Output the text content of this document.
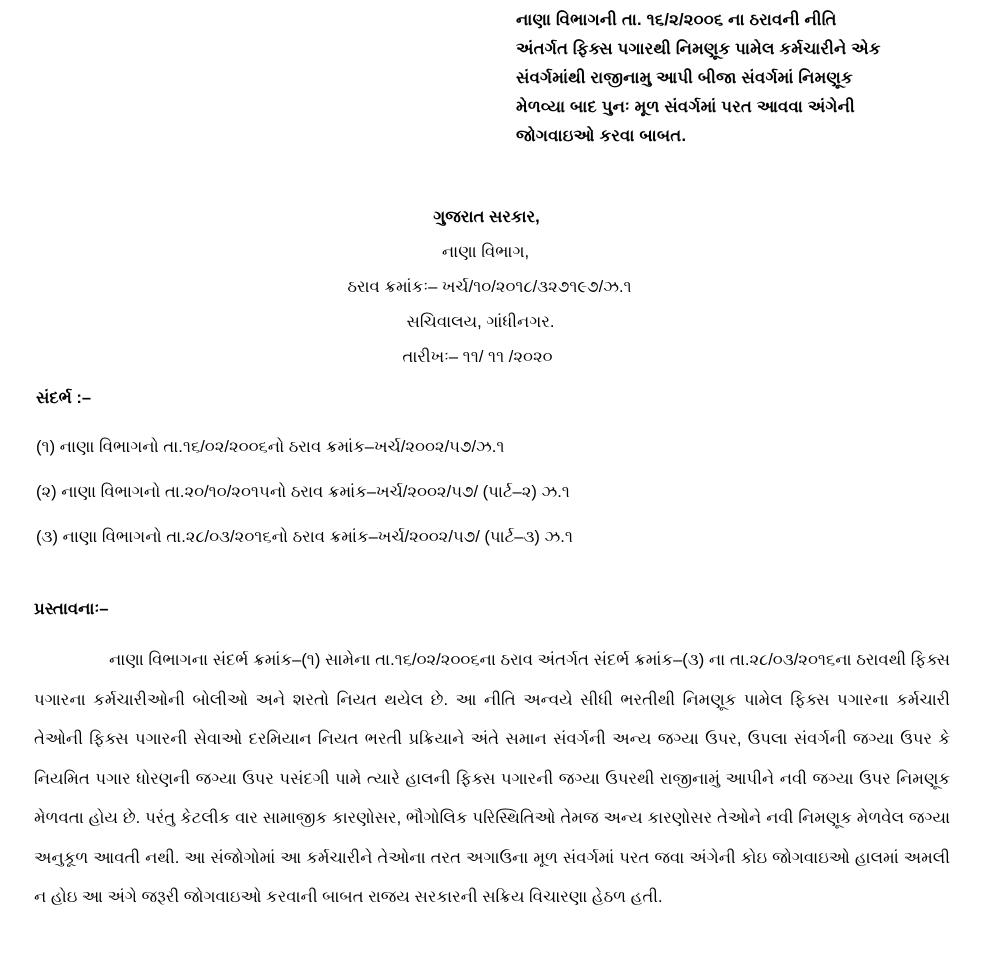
નાણા વિભાગની તા. ૧૬/૨/૨૦૦૬ ના ઠરાવની નીતિ
અંતર્ગત ફિક્સ પગારથી નિમણૂક પામેલ કર્મચારીને એક
સંવર્ગમાંથી રાજીનામુ આપી બીજા સંવર્ગમાં નિમણૂક
મેળવ્યા બાદ પુનઃ મૂળ સંવર્ગમાં પરત આવવા અંગેની
જોગવાઇઓ કરવા બાબત.
ગુજરાત સરકાર,
નાણા વિભાગ,
ઠરાવ ક્રમાંકઃ– ખર્ચ/૧૦/૨૦૧૮/૩૨૭૧૯૭/ઝ.૧
સચિવાલય, ગાંધીનગર.
તારીખઃ– ૧૧/ ૧૧ /૨૦૨૦
સંદર્ભ :–
(૧) નાણા વિભાગનો તા.૧૬/૦૨/૨૦૦૬નો ઠરાવ ક્રમાંક–ખર્ચ/૨૦૦૨/૫૭/ઝ.૧
(૨) નાણા વિભાગનો તા.૨૦/૧૦/૨૦૧૫નો ઠરાવ ક્રમાંક–ખર્ચ/૨૦૦૨/૫૭/ (પાર્ટ–૨) ઝ.૧
(૩) નાણા વિભાગનો તા.૨૮/૦૩/૨૦૧૬નો ઠરાવ ક્રમાંક–ખર્ચ/૨૦૦૨/૫૭/ (પાર્ટ–૩) ઝ.૧
પ્રસ્તાવનાઃ–

નાણા વિભાગના સંદર્ભ ક્રમાંક–(૧) સામેના તા.૧૬/૦૨/૨૦૦૬ના ઠરાવ અંતર્ગત સંદર્ભ ક્રમાંક–(૩) ના તા.૨૮/૦૩/૨૦૧૬ના ઠરાવથી ફિક્સ પગારના કર્મચારીઓની બોલીઓ અને શરતો નિયત થયેલ છે. આ નીતિ અન્વયે સીધી ભરતીથી નિમણૂક પામેલ ફિક્સ પગારના કર્મચારી તેઓની ફિક્સ પગારની સેવાઓ દરમિયાન નિયત ભરતી પ્રક્રિયાને અંતે સમાન સંવર્ગની અન્ય જગ્યા ઉપર, ઉપલા સંવર્ગની જગ્યા ઉપર કે નિયમિત પગાર ધોરણની જગ્યા ઉપર પસંદગી પામે ત્યારે હાલની ફિક્સ પગારની જગ્યા ઉપરથી રાજીનામું આપીને નવી જગ્યા ઉપર નિમણૂક મેળવતા હોય છે. પરંતુ કેટલીક વાર સામાજીક કારણોસર, ભૌગોલિક પરિસ્થિતિઓ તેમજ અન્ય કારણોસર તેઓને નવી નિમણૂક મેળવેલ જગ્યા અનુકૂળ આવતી નથી. આ સંજોગોમાં આ કર્મચારીને તેઓના તરત અગાઉના મૂળ સંવર્ગમાં પરત જવા અંગેની કોઇ જોગવાઇઓ હાલમાં અમલી ન હોઇ આ અંગે જરૂરી જોગવાઇઓ કરવાની બાબત રાજય સરકારની સક્રિય વિચારણા હેઠળ હતી.
